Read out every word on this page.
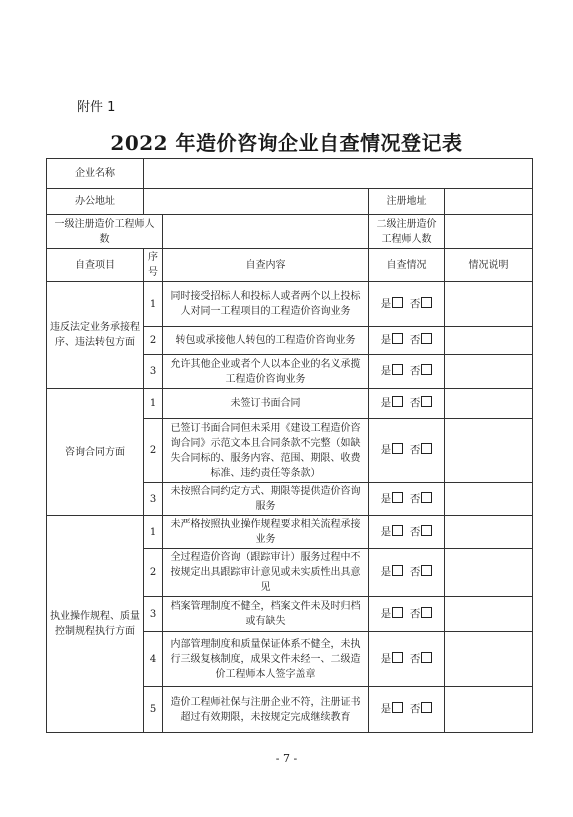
附件 1
2022 年造价咨询企业自查情况登记表
企业名称				
办公地址			注册地址	
一级注册造价工程师人数			二级注册造价工程师人数	
自查项目	序号	自查内容	自查情况	情况说明
违反法定业务承接程序、违法转包方面	1	同时接受招标人和投标人或者两个以上投标人对同一工程项目的工程造价咨询业务	是 否	
	2	转包或承接他人转包的工程造价咨询业务	是 否	
	3	允许其他企业或者个人以本企业的名义承揽工程造价咨询业务	是 否	
咨询合同方面	1	未签订书面合同	是 否	
	2	已签订书面合同但未采用《建设工程造价咨询合同》示范文本且合同条款不完整（如缺失合同标的、服务内容、范围、期限、收费标准、违约责任等条款）	是 否	
	3	未按照合同约定方式、期限等提供造价咨询服务	是 否	
执业操作规程、质量控制规程执行方面	1	未严格按照执业操作规程要求相关流程承接业务	是 否	
	2	全过程造价咨询（跟踪审计）服务过程中不按规定出具跟踪审计意见或未实质性出具意见	是 否	
	3	档案管理制度不健全，档案文件未及时归档或有缺失	是 否	
	4	内部管理制度和质量保证体系不健全，未执行三级复核制度，成果文件未经一、二级造价工程师本人签字盖章	是 否	
	5	造价工程师社保与注册企业不符，注册证书超过有效期限，未按规定完成继续教育	是 否	
- 7 -
